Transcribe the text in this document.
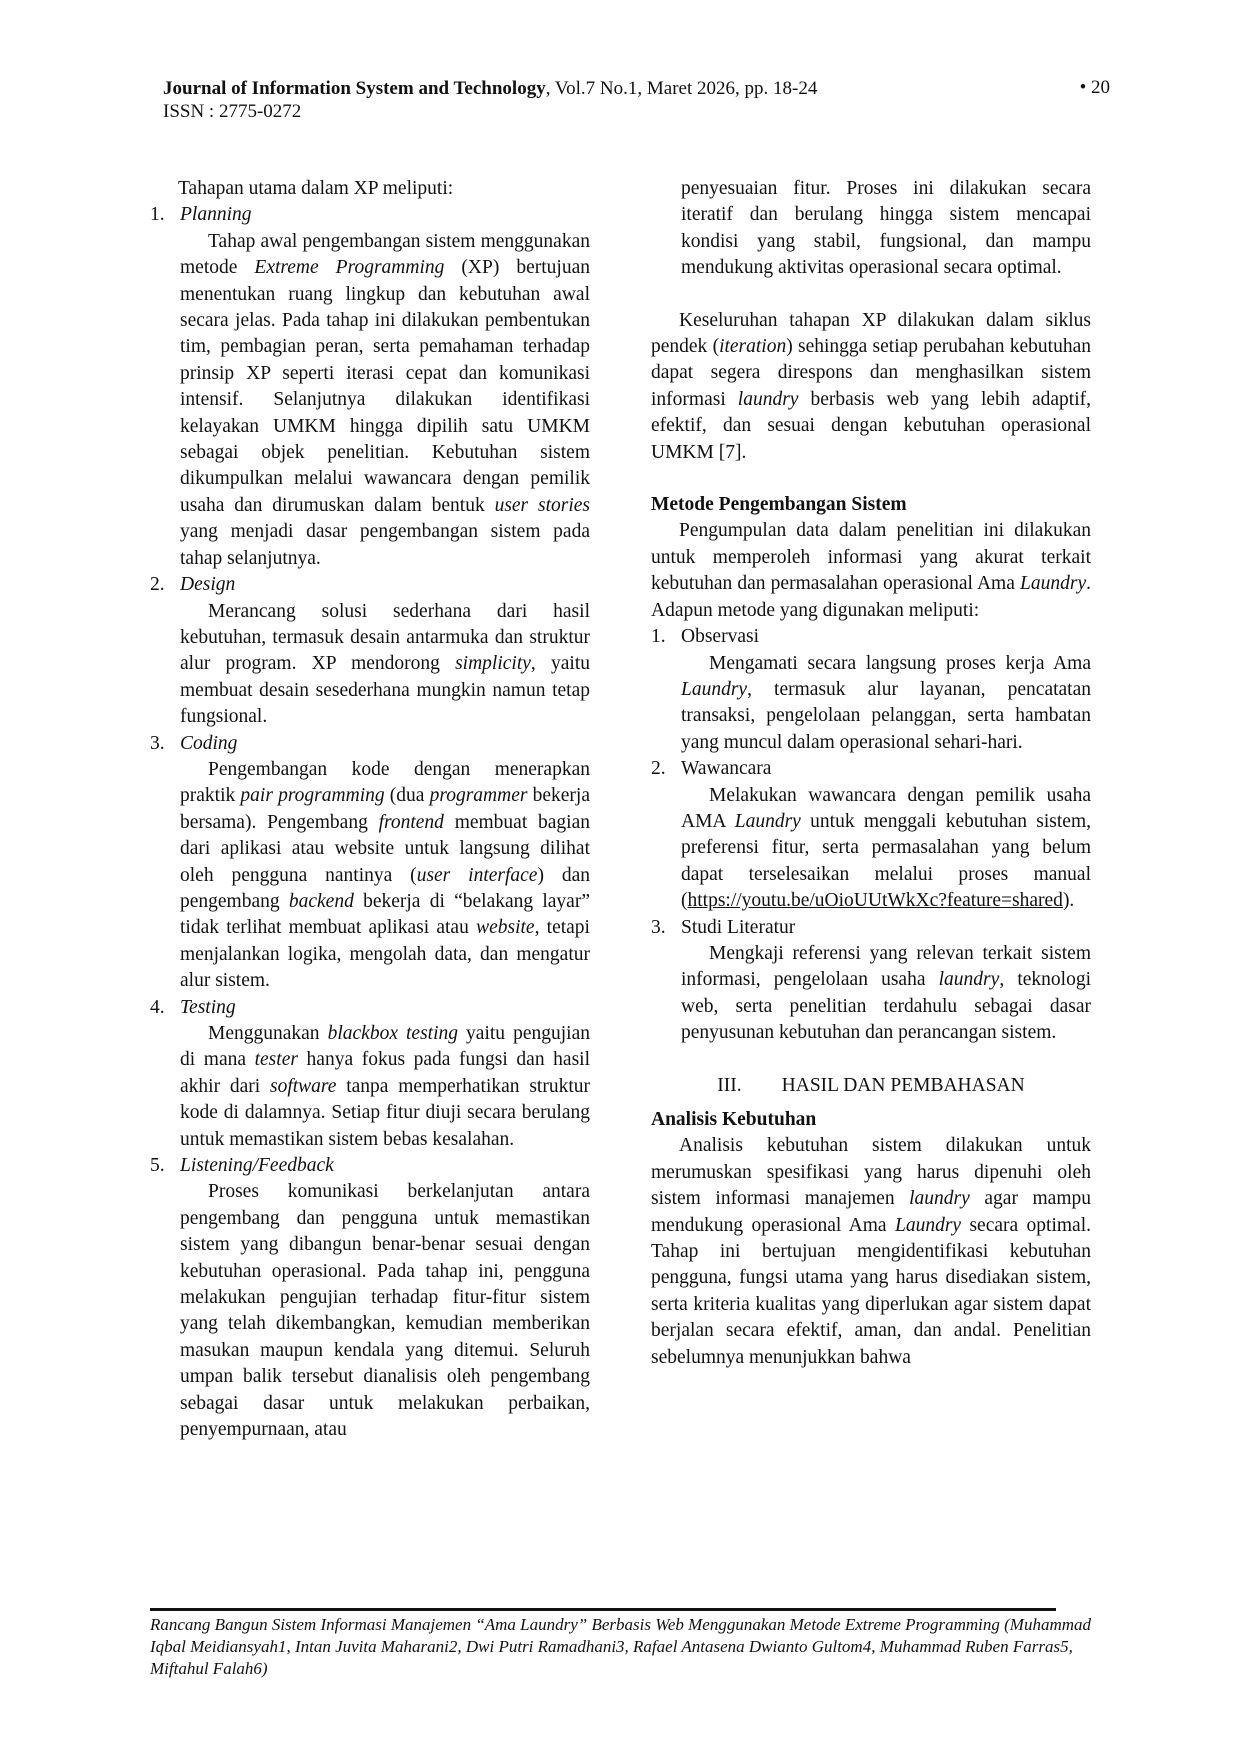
Journal of Information System and Technology, Vol.7 No.1, Maret 2026, pp. 18-24
ISSN : 2775-0272
• 20

Tahapan utama dalam XP meliputi:

1. Planning

Tahap awal pengembangan sistem menggunakan metode Extreme Programming (XP) bertujuan menentukan ruang lingkup dan kebutuhan awal secara jelas. Pada tahap ini dilakukan pembentukan tim, pembagian peran, serta pemahaman terhadap prinsip XP seperti iterasi cepat dan komunikasi intensif. Selanjutnya dilakukan identifikasi kelayakan UMKM hingga dipilih satu UMKM sebagai objek penelitian. Kebutuhan sistem dikumpulkan melalui wawancara dengan pemilik usaha dan dirumuskan dalam bentuk user stories yang menjadi dasar pengembangan sistem pada tahap selanjutnya.

2. Design

Merancang solusi sederhana dari hasil kebutuhan, termasuk desain antarmuka dan struktur alur program. XP mendorong simplicity, yaitu membuat desain sesederhana mungkin namun tetap fungsional.

3. Coding

Pengembangan kode dengan menerapkan praktik pair programming (dua programmer bekerja bersama). Pengembang frontend membuat bagian dari aplikasi atau website untuk langsung dilihat oleh pengguna nantinya (user interface) dan pengembang backend bekerja di “belakang layar” tidak terlihat membuat aplikasi atau website, tetapi menjalankan logika, mengolah data, dan mengatur alur sistem.

4. Testing

Menggunakan blackbox testing yaitu pengujian di mana tester hanya fokus pada fungsi dan hasil akhir dari software tanpa memperhatikan struktur kode di dalamnya. Setiap fitur diuji secara berulang untuk memastikan sistem bebas kesalahan.

5. Listening/Feedback

Proses komunikasi berkelanjutan antara pengembang dan pengguna untuk memastikan sistem yang dibangun benar-benar sesuai dengan kebutuhan operasional. Pada tahap ini, pengguna melakukan pengujian terhadap fitur-fitur sistem yang telah dikembangkan, kemudian memberikan masukan maupun kendala yang ditemui. Seluruh umpan balik tersebut dianalisis oleh pengembang sebagai dasar untuk melakukan perbaikan, penyempurnaan, atau

penyesuaian fitur. Proses ini dilakukan secara iteratif dan berulang hingga sistem mencapai kondisi yang stabil, fungsional, dan mampu mendukung aktivitas operasional secara optimal.

Keseluruhan tahapan XP dilakukan dalam siklus pendek (iteration) sehingga setiap perubahan kebutuhan dapat segera direspons dan menghasilkan sistem informasi laundry berbasis web yang lebih adaptif, efektif, dan sesuai dengan kebutuhan operasional UMKM [7].

Metode Pengembangan Sistem

Pengumpulan data dalam penelitian ini dilakukan untuk memperoleh informasi yang akurat terkait kebutuhan dan permasalahan operasional Ama Laundry. Adapun metode yang digunakan meliputi:

1. Observasi

Mengamati secara langsung proses kerja Ama Laundry, termasuk alur layanan, pencatatan transaksi, pengelolaan pelanggan, serta hambatan yang muncul dalam operasional sehari-hari.

2. Wawancara

Melakukan wawancara dengan pemilik usaha AMA Laundry untuk menggali kebutuhan sistem, preferensi fitur, serta permasalahan yang belum dapat terselesaikan melalui proses manual (https://youtu.be/uOioUUtWkXc?feature=shared).

3. Studi Literatur

Mengkaji referensi yang relevan terkait sistem informasi, pengelolaan usaha laundry, teknologi web, serta penelitian terdahulu sebagai dasar penyusunan kebutuhan dan perancangan sistem.

III. HASIL DAN PEMBAHASAN

Analisis Kebutuhan

Analisis kebutuhan sistem dilakukan untuk merumuskan spesifikasi yang harus dipenuhi oleh sistem informasi manajemen laundry agar mampu mendukung operasional Ama Laundry secara optimal. Tahap ini bertujuan mengidentifikasi kebutuhan pengguna, fungsi utama yang harus disediakan sistem, serta kriteria kualitas yang diperlukan agar sistem dapat berjalan secara efektif, aman, dan andal. Penelitian sebelumnya menunjukkan bahwa

Rancang Bangun Sistem Informasi Manajemen “Ama Laundry” Berbasis Web Menggunakan Metode Extreme Programming (Muhammad Iqbal Meidiansyah1, Intan Juvita Maharani2, Dwi Putri Ramadhani3, Rafael Antasena Dwianto Gultom4, Muhammad Ruben Farras5, Miftahul Falah6)
